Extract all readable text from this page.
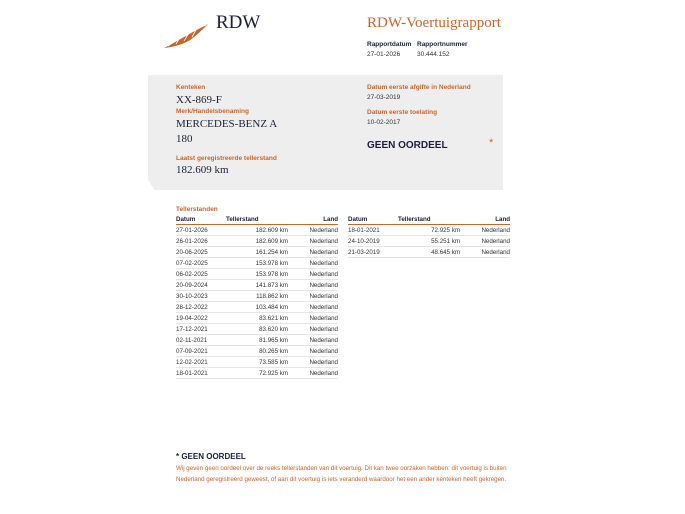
RDW	RDW-Voertuigrapport
Rapportdatum
27-01-2026
Rapportnummer
30.444.152
Kenteken
XX-869-F
Merk/Handelsbenaming
MERCEDES-BENZ A
180
Laatst geregistreerde tellerstand
182.609 km
Datum eerste afgifte in Nederland
27-03-2019
Datum eerste toelating
10-02-2017
GEEN OORDEEL	*
Tellerstanden
Datum	Tellerstand	Land
27-01-2026	182.609 km	Nederland
26-01-2026	182.609 km	Nederland
20-06-2025	161.254 km	Nederland
07-02-2025	153.978 km	Nederland
06-02-2025	153.978 km	Nederland
20-09-2024	141.873 km	Nederland
30-10-2023	118.862 km	Nederland
28-12-2022	103.484 km	Nederland
19-04-2022	83.621 km	Nederland
17-12-2021	83.620 km	Nederland
02-11-2021	81.965 km	Nederland
07-09-2021	80.265 km	Nederland
12-02-2021	73.585 km	Nederland
18-01-2021	72.925 km	Nederland
Datum	Tellerstand	Land
18-01-2021	72.925 km	Nederland
24-10-2019	55.251 km	Nederland
21-03-2019	48.645 km	Nederland
* GEEN OORDEEL
Wij geven geen oordeel over de reeks tellerstanden van dit voertuig. Dit kan twee oorzaken hebben: dit voertuig is buiten Nederland geregistreerd geweest, of aan dit voertuig is iets veranderd waardoor het een ander kenteken heeft gekregen.
